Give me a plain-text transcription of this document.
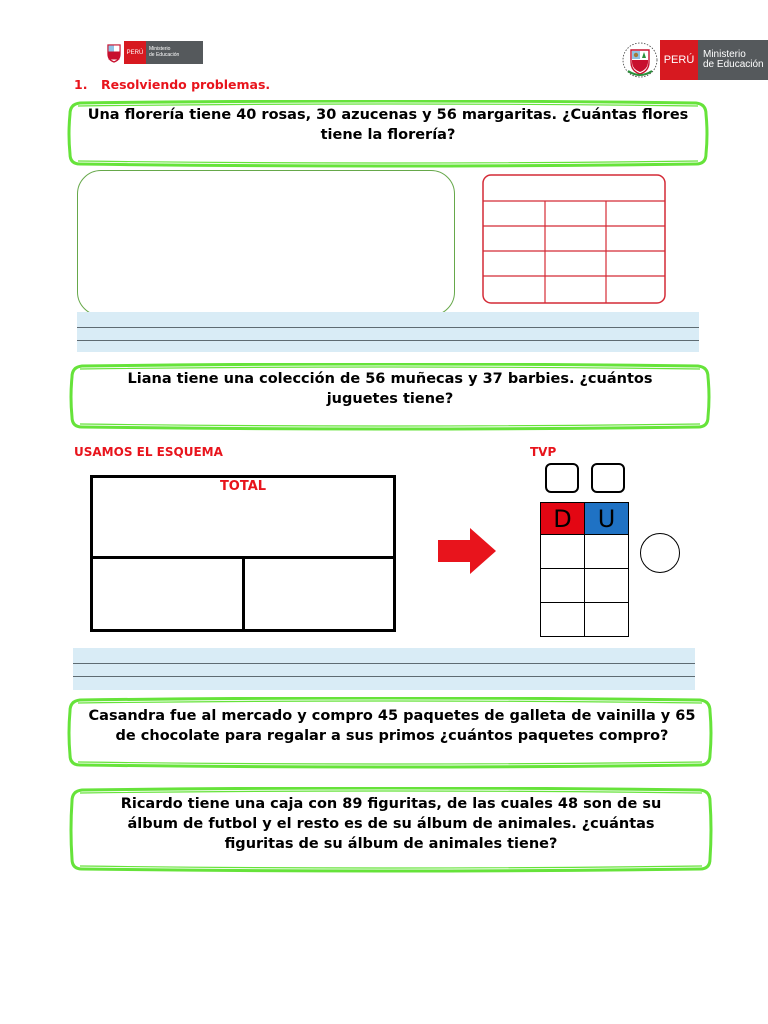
PERÚ
Ministerio
de Educación	PERÚ Ministerio
de Educación
1. Resolviendo problemas.
Una florería tiene 40 rosas, 30 azucenas y 56 margaritas. ¿Cuántas flores tiene la florería?
Liana tiene una colección de 56 muñecas y 37 barbies. ¿cuántos juguetes tiene?
USAMOS EL ESQUEMA	TVP
TOTAL
D	U
Casandra fue al mercado y compro 45 paquetes de galleta de vainilla y 65 de chocolate para regalar a sus primos ¿cuántos paquetes compro?
Ricardo tiene una caja con 89 figuritas, de las cuales 48 son de su álbum de futbol y el resto es de su álbum de animales. ¿cuántas figuritas de su álbum de animales tiene?
